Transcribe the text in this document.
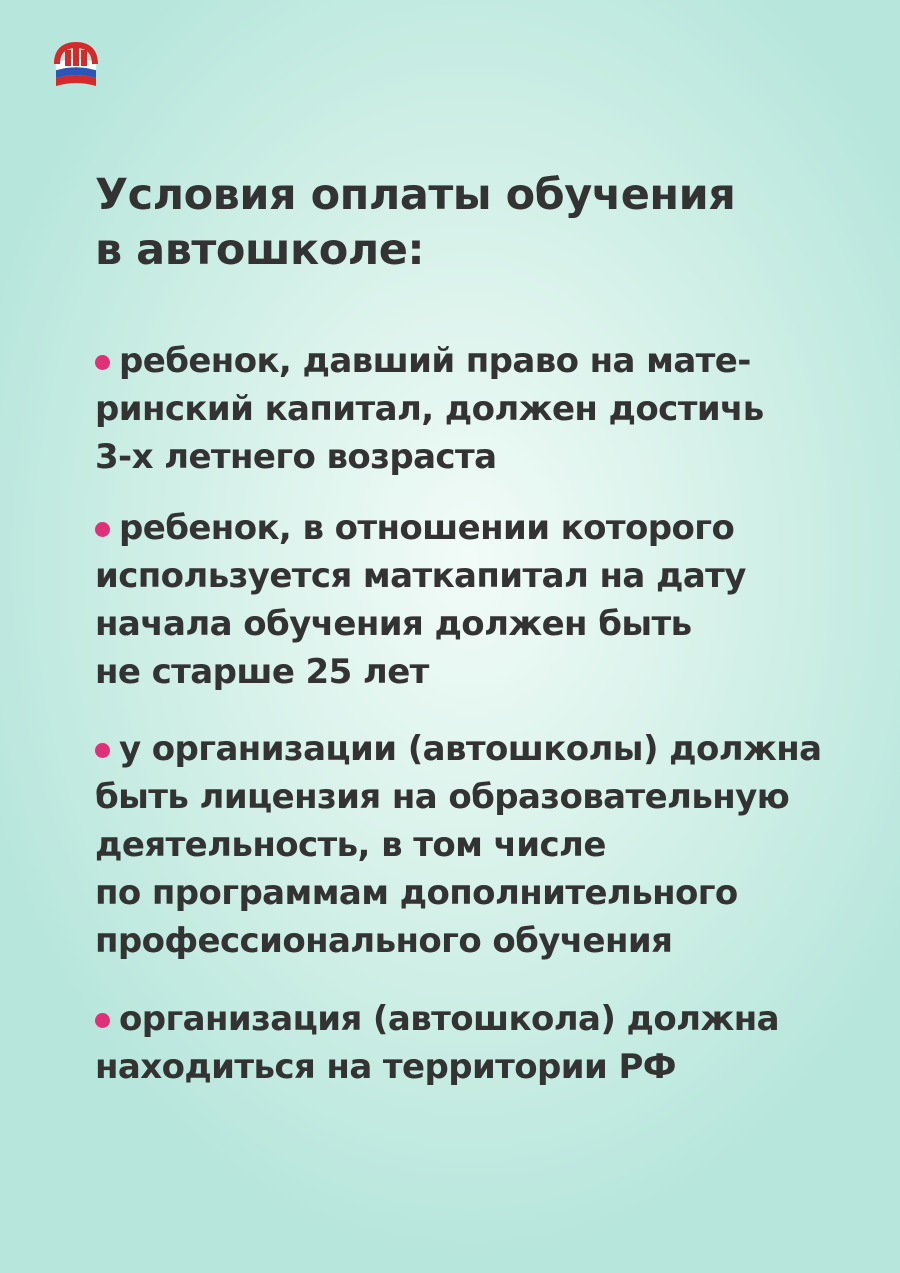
Условия оплаты обучения
в автошколе:
ребенок, давший право на мате-
ринский капитал, должен достичь
3-х летнего возраста
ребенок, в отношении которого
используется маткапитал на дату
начала обучения должен быть
не старше 25 лет
у организации (автошколы) должна
быть лицензия на образовательную
деятельность, в том числе
по программам дополнительного
профессионального обучения
организация (автошкола) должна
находиться на территории РФ
